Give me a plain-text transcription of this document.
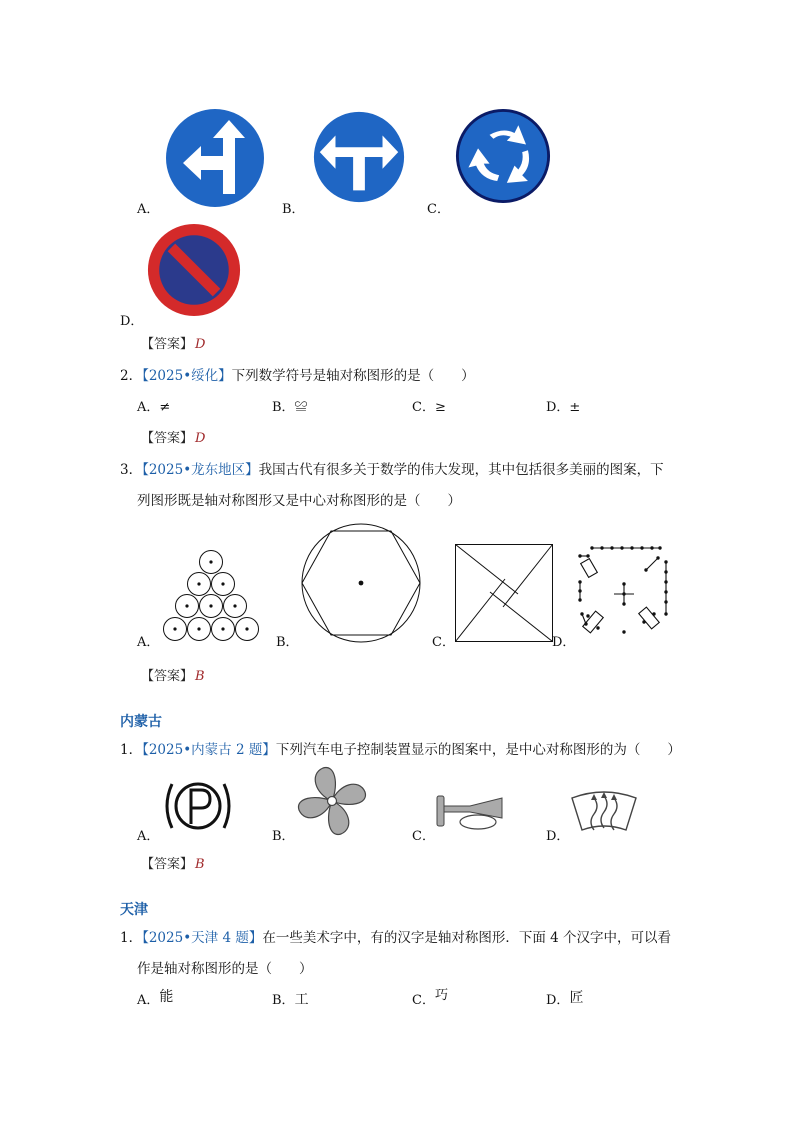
A．	B．	C．
D．
【答案】 D
2．【2025•绥化】下列数学符号是轴对称图形的是（　　）
A．≠	B．≌	C．≥	D．±
【答案】 D
3．【2025•龙东地区】我国古代有很多关于数学的伟大发现，其中包括很多美丽的图案，下
列图形既是轴对称图形又是中心对称图形的是（　　）
A．	B．	C．	D．
【答案】 B
内蒙古
1．【2025•内蒙古 2 题】下列汽车电子控制装置显示的图案中，是中心对称图形的为（　　）
A．	B．	C．	D．
【答案】 B
天津
1．【2025•天津 4 题】在一些美术字中，有的汉字是轴对称图形．下面 4 个汉字中，可以看
作是轴对称图形的是（　　）
A．能	B．工	C．巧	D．匠
